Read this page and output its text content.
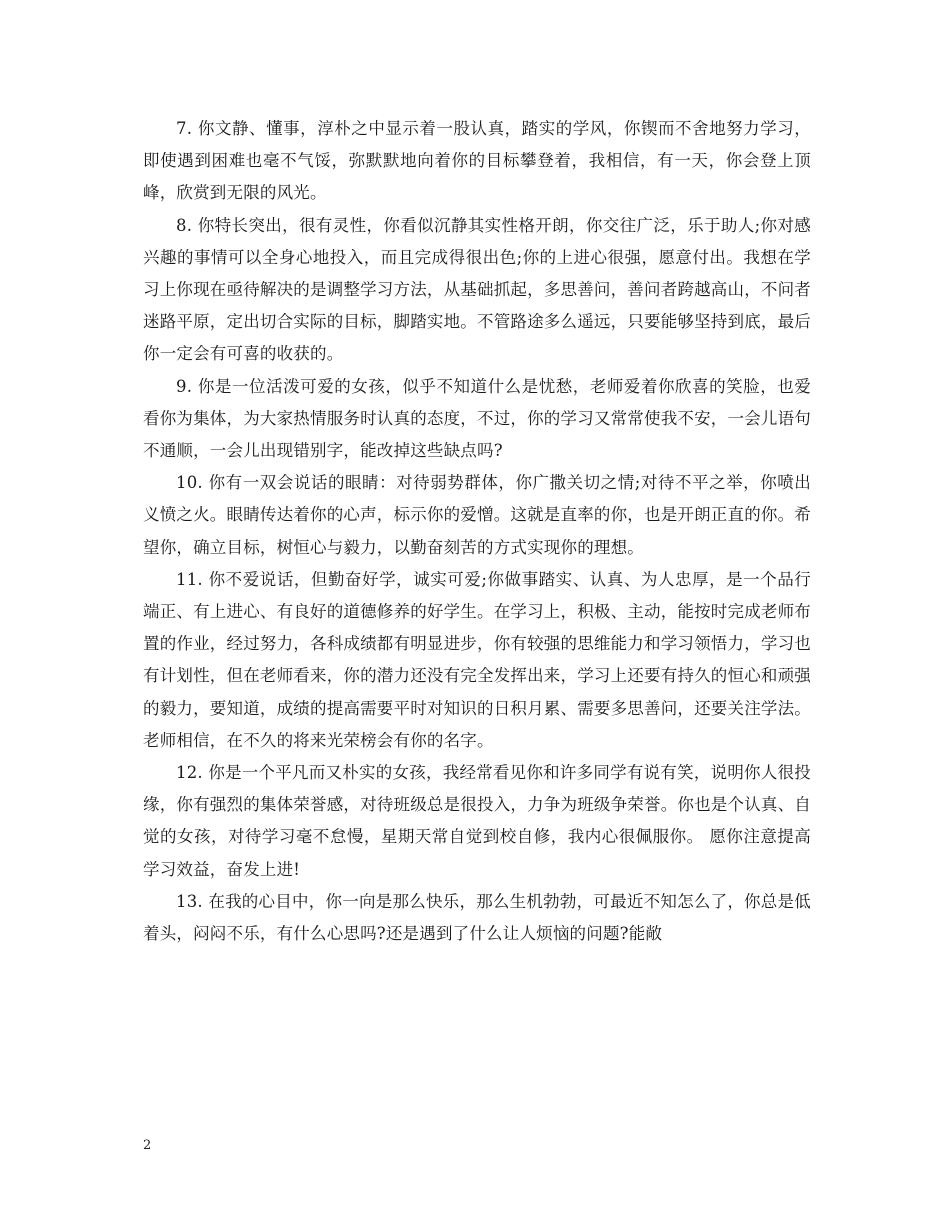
7. 你文静、懂事，淳朴之中显示着一股认真，踏实的学风，你锲而不舍地努力学习，即使遇到困难也毫不气馁，弥默默地向着你的目标攀登着，我相信，有一天，你会登上顶峰，欣赏到无限的风光。

8. 你特长突出，很有灵性，你看似沉静其实性格开朗，你交往广泛，乐于助人;你对感兴趣的事情可以全身心地投入，而且完成得很出色;你的上进心很强，愿意付出。我想在学习上你现在亟待解决的是调整学习方法，从基础抓起，多思善问，善问者跨越高山，不问者迷路平原，定出切合实际的目标，脚踏实地。不管路途多么遥远，只要能够坚持到底，最后你一定会有可喜的收获的。

9. 你是一位活泼可爱的女孩，似乎不知道什么是忧愁，老师爱着你欣喜的笑脸，也爱看你为集体，为大家热情服务时认真的态度，不过，你的学习又常常使我不安，一会儿语句不通顺，一会儿出现错别字，能改掉这些缺点吗?

10. 你有一双会说话的眼睛：对待弱势群体，你广撒关切之情;对待不平之举，你喷出义愤之火。眼睛传达着你的心声，标示你的爱憎。这就是直率的你，也是开朗正直的你。希望你，确立目标，树恒心与毅力，以勤奋刻苦的方式实现你的理想。

11. 你不爱说话，但勤奋好学，诚实可爱;你做事踏实、认真、为人忠厚，是一个品行端正、有上进心、有良好的道德修养的好学生。在学习上，积极、主动，能按时完成老师布置的作业，经过努力，各科成绩都有明显进步，你有较强的思维能力和学习领悟力，学习也有计划性，但在老师看来，你的潜力还没有完全发挥出来，学习上还要有持久的恒心和顽强的毅力，要知道，成绩的提高需要平时对知识的日积月累、需要多思善问，还要关注学法。老师相信，在不久的将来光荣榜会有你的名字。

12. 你是一个平凡而又朴实的女孩，我经常看见你和许多同学有说有笑，说明你人很投缘，你有强烈的集体荣誉感，对待班级总是很投入，力争为班级争荣誉。你也是个认真、自觉的女孩，对待学习毫不怠慢，星期天常自觉到校自修，我内心很佩服你。 愿你注意提高学习效益，奋发上进!

13. 在我的心目中，你一向是那么快乐，那么生机勃勃，可最近不知怎么了，你总是低着头，闷闷不乐，有什么心思吗?还是遇到了什么让人烦恼的问题?能敞

2
